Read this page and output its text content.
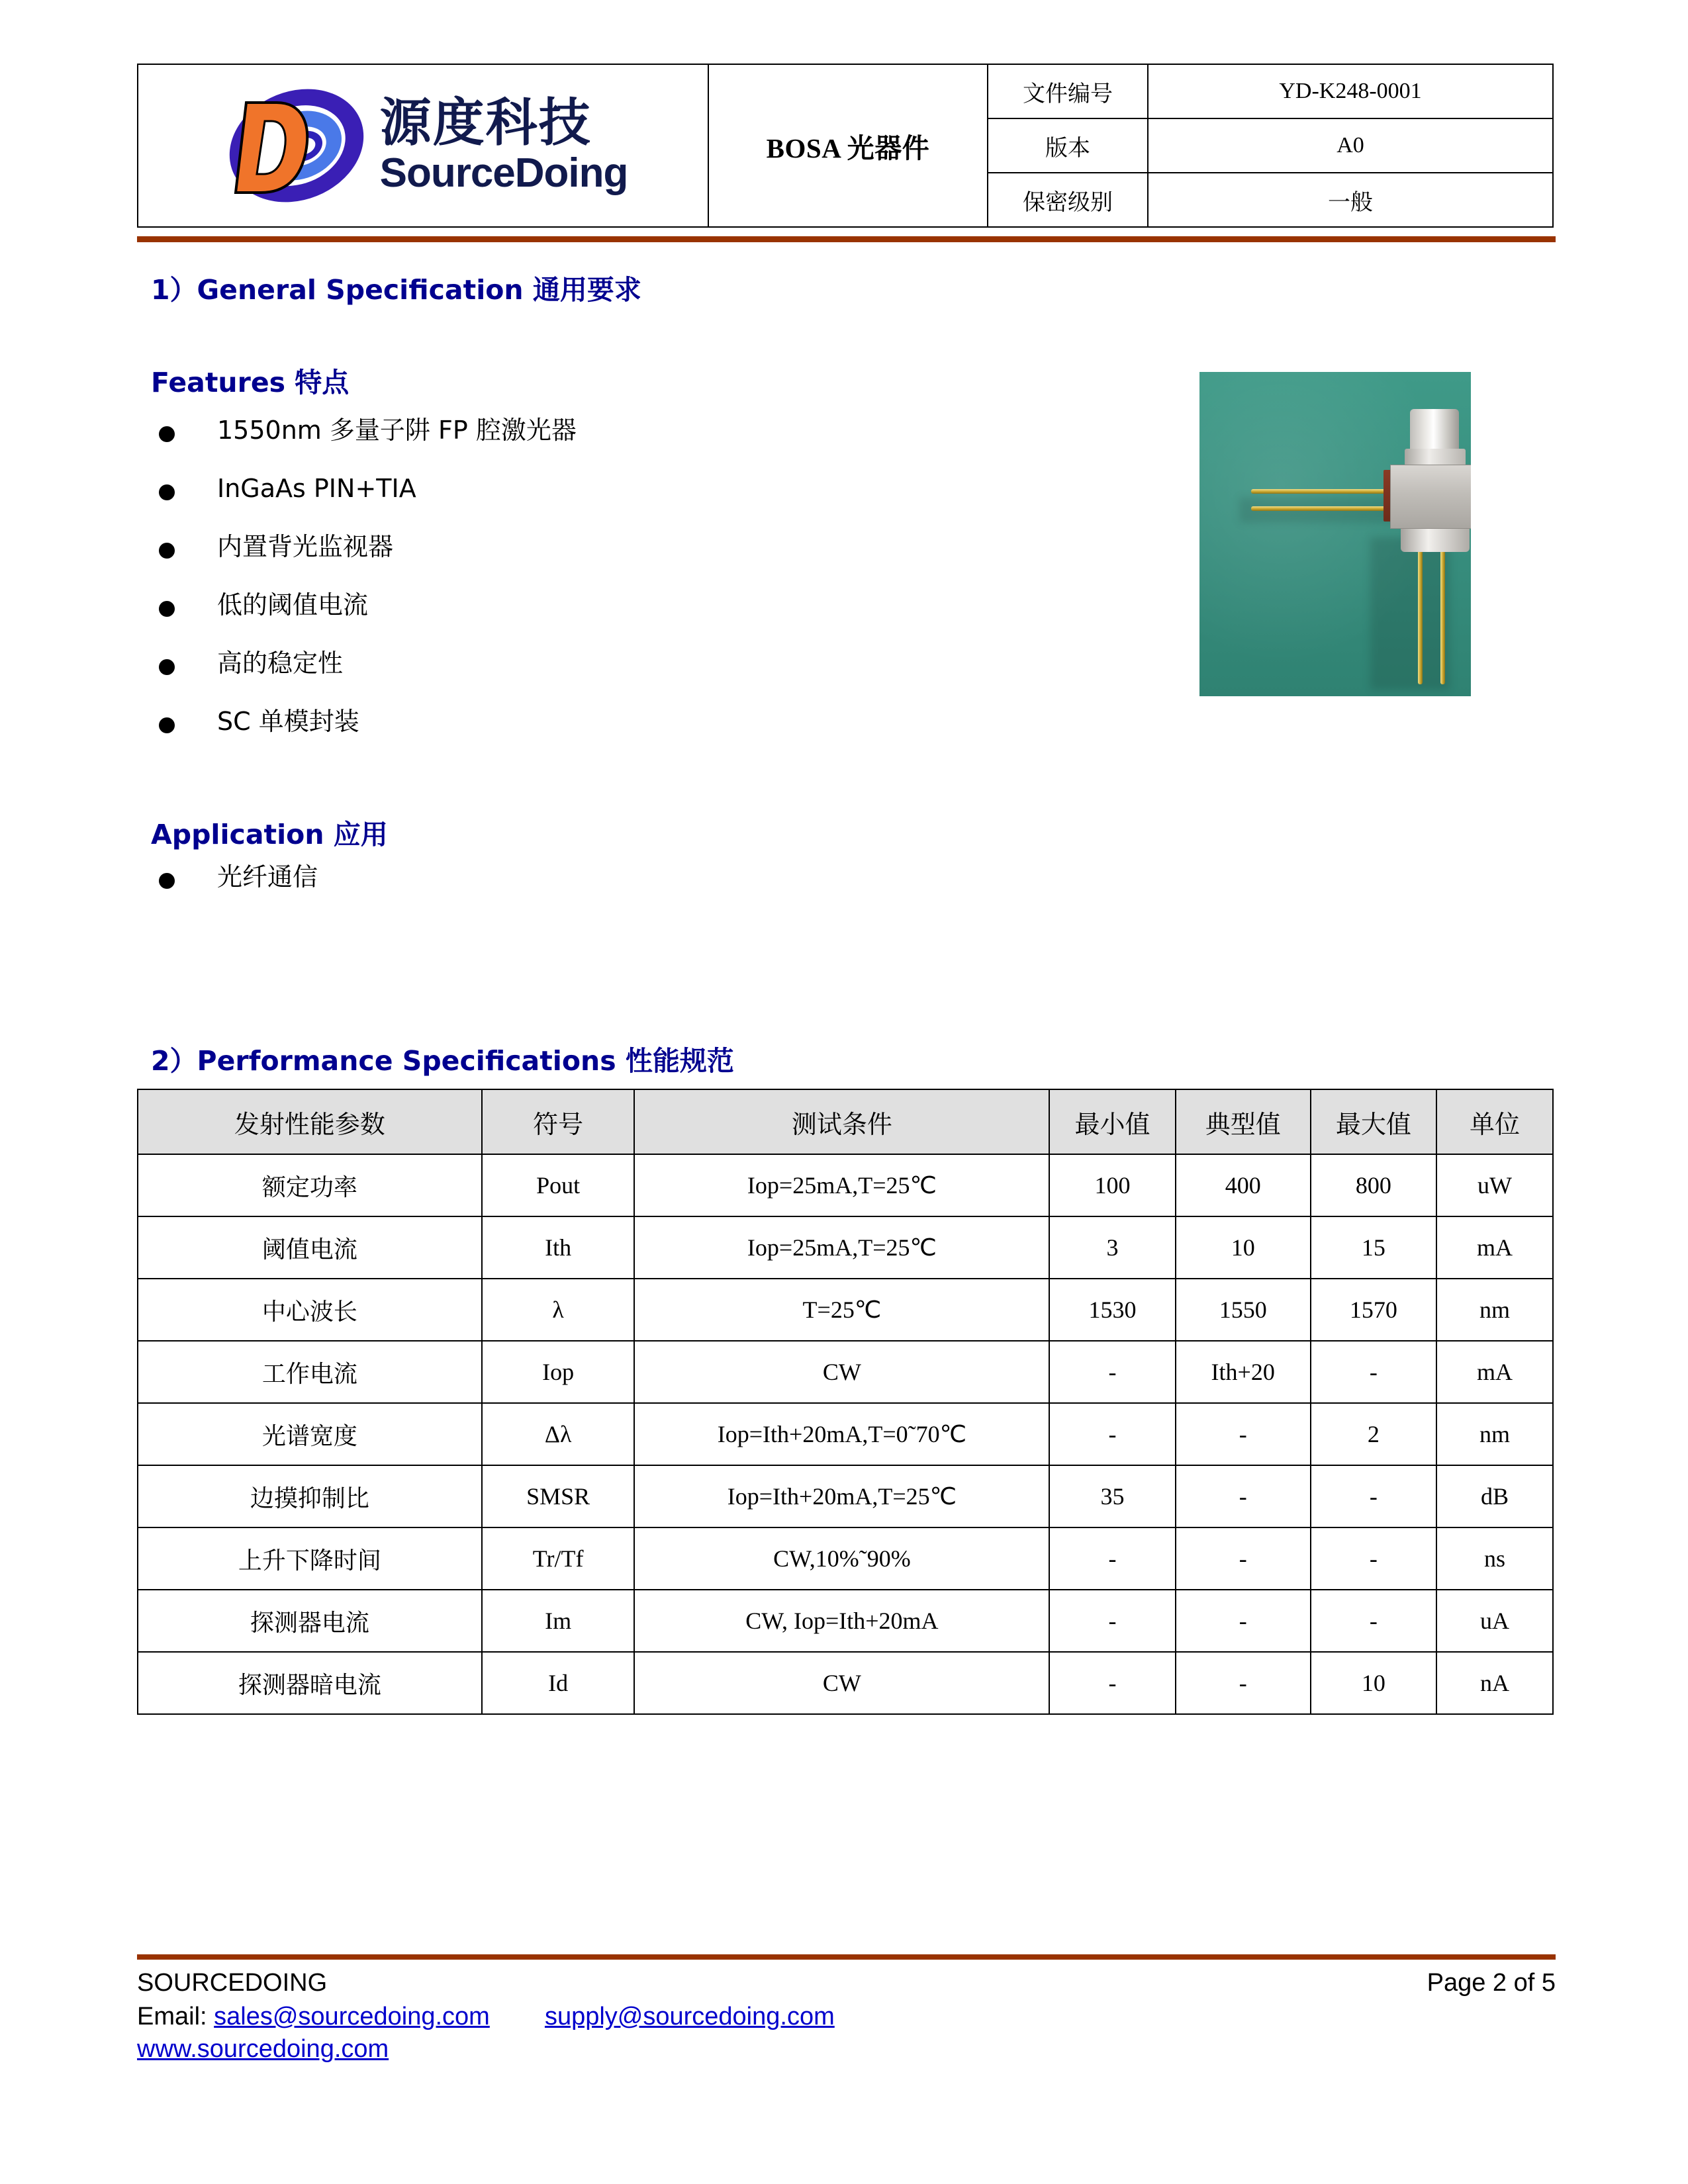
源度科技
SourceDoing	BOSA 光器件	文件编号	YD-K248-0001
		版本	A0
		保密级别	一般
1）General Specification 通用要求
Features 特点
1550nm 多量子阱 FP 腔激光器
InGaAs PIN+TIA
内置背光监视器
低的阈值电流
高的稳定性
SC 单模封装
Application 应用
光纤通信
2）Performance Specifications 性能规范
发射性能参数	符号	测试条件	最小值	典型值	最大值	单位
额定功率	Pout	Iop=25mA,T=25℃	100	400	800	uW
阈值电流	Ith	Iop=25mA,T=25℃	3	10	15	mA
中心波长	λ	T=25℃	1530	1550	1570	nm
工作电流	Iop	CW	-	Ith+20	-	mA
光谱宽度	Δλ	Iop=Ith+20mA,T=0˜70℃	-	-	2	nm
边摸抑制比	SMSR	Iop=Ith+20mA,T=25℃	35	-	-	dB
上升下降时间	Tr/Tf	CW,10%˜90%	-	-	-	ns
探测器电流	Im	CW, Iop=Ith+20mA	-	-	-	uA
探测器暗电流	Id	CW	-	-	10	nA
SOURCEDOING	Page 2 of 5
Email: sales@sourcedoing.com supply@sourcedoing.com
www.sourcedoing.com
